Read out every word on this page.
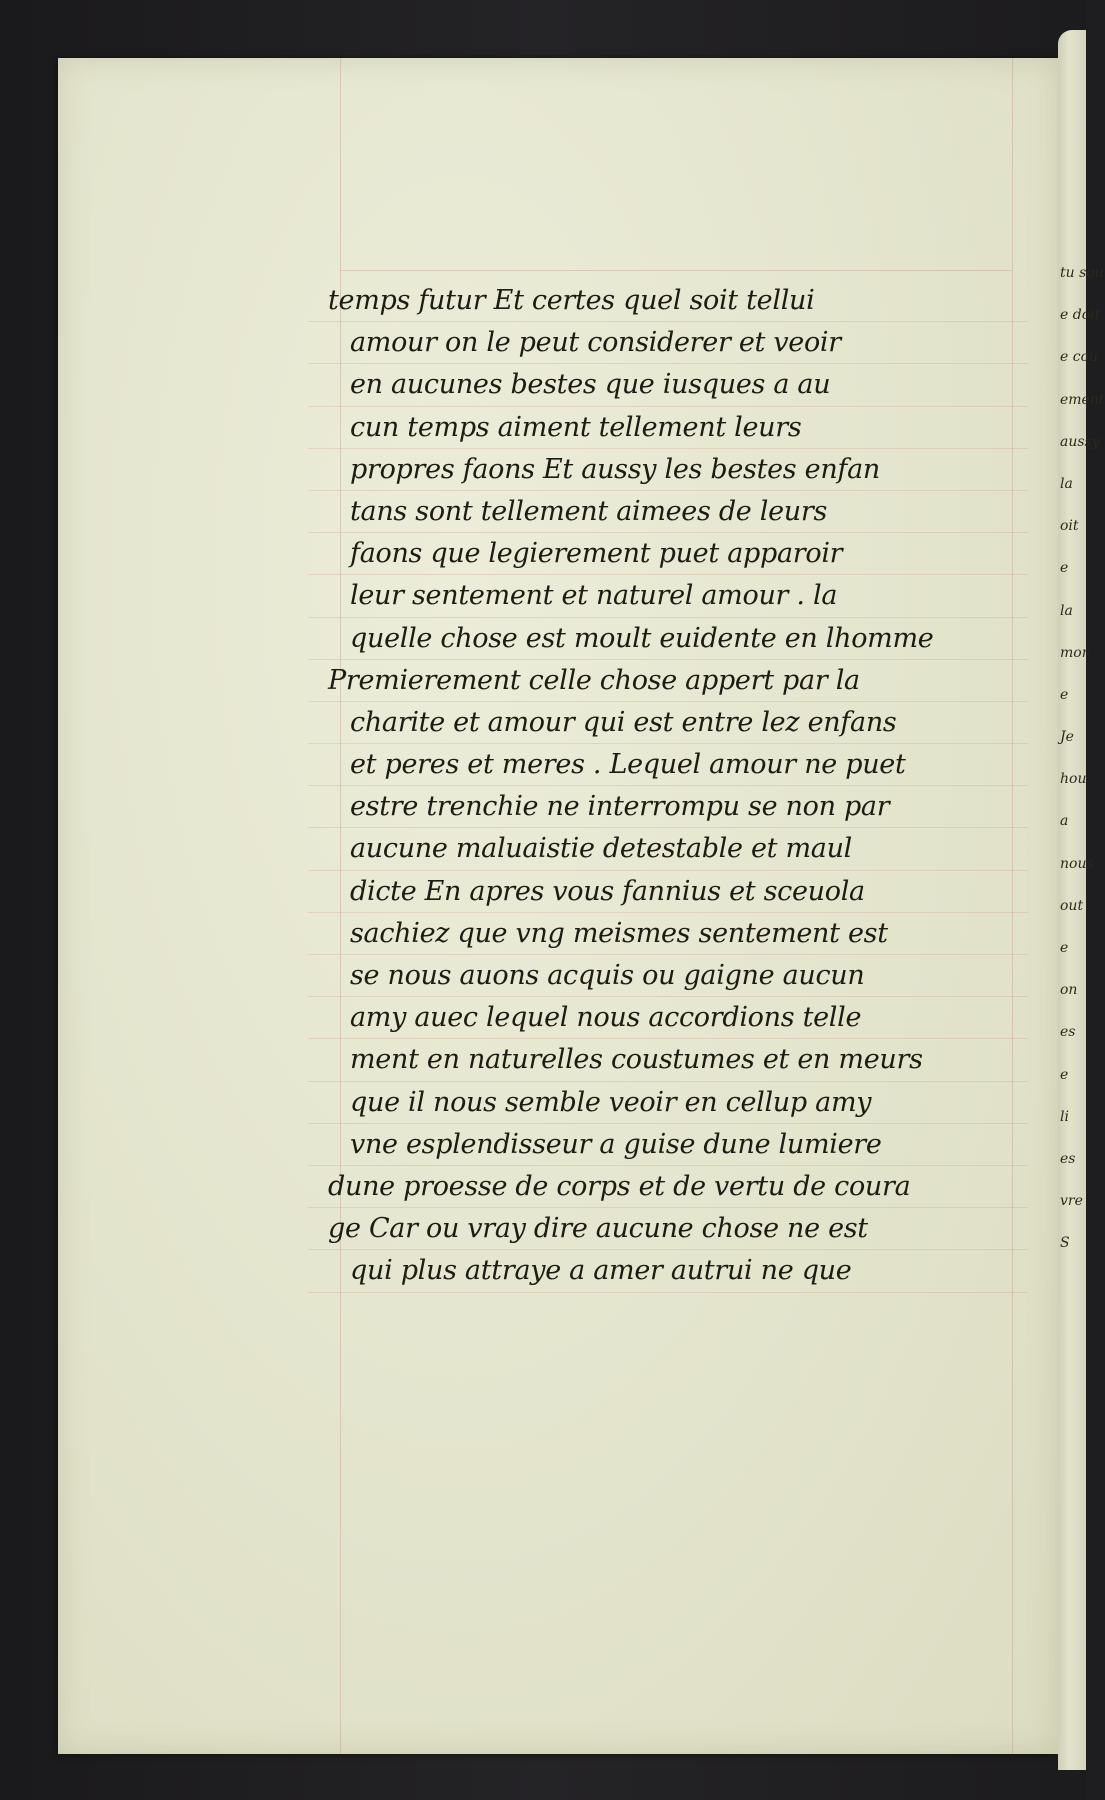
temps futur Et certes quel soit tellui
amour on le peut considerer et veoir
en aucunes bestes que iusques a au
cun temps aiment tellement leurs
propres faons Et aussy les bestes enfan
tans sont tellement aimees de leurs
faons que legierement puet apparoir
leur sentement et naturel amour . la
quelle chose est moult euidente en lhomme
Premierement celle chose appert par la
charite et amour qui est entre lez enfans
et peres et meres . Lequel amour ne puet
estre trenchie ne interrompu se non par
aucune maluaistie detestable et maul
dicte En apres vous fannius et sceuola
sachiez que vng meismes sentement est
se nous auons acquis ou gaigne aucun
amy auec lequel nous accordions telle
ment en naturelles coustumes et en meurs
que il nous semble veoir en cellup amy
vne esplendisseur a guise dune lumiere
dune proesse de corps et de vertu de coura
ge Car ou vray dire aucune chose ne est
qui plus attraye a amer autrui ne que
tu sou
e doit
e cou
ement
aussy
la
oit
e
la
mor
e
Je
hou
a
nous
out
e
on
es
e
li
es
vre
S
